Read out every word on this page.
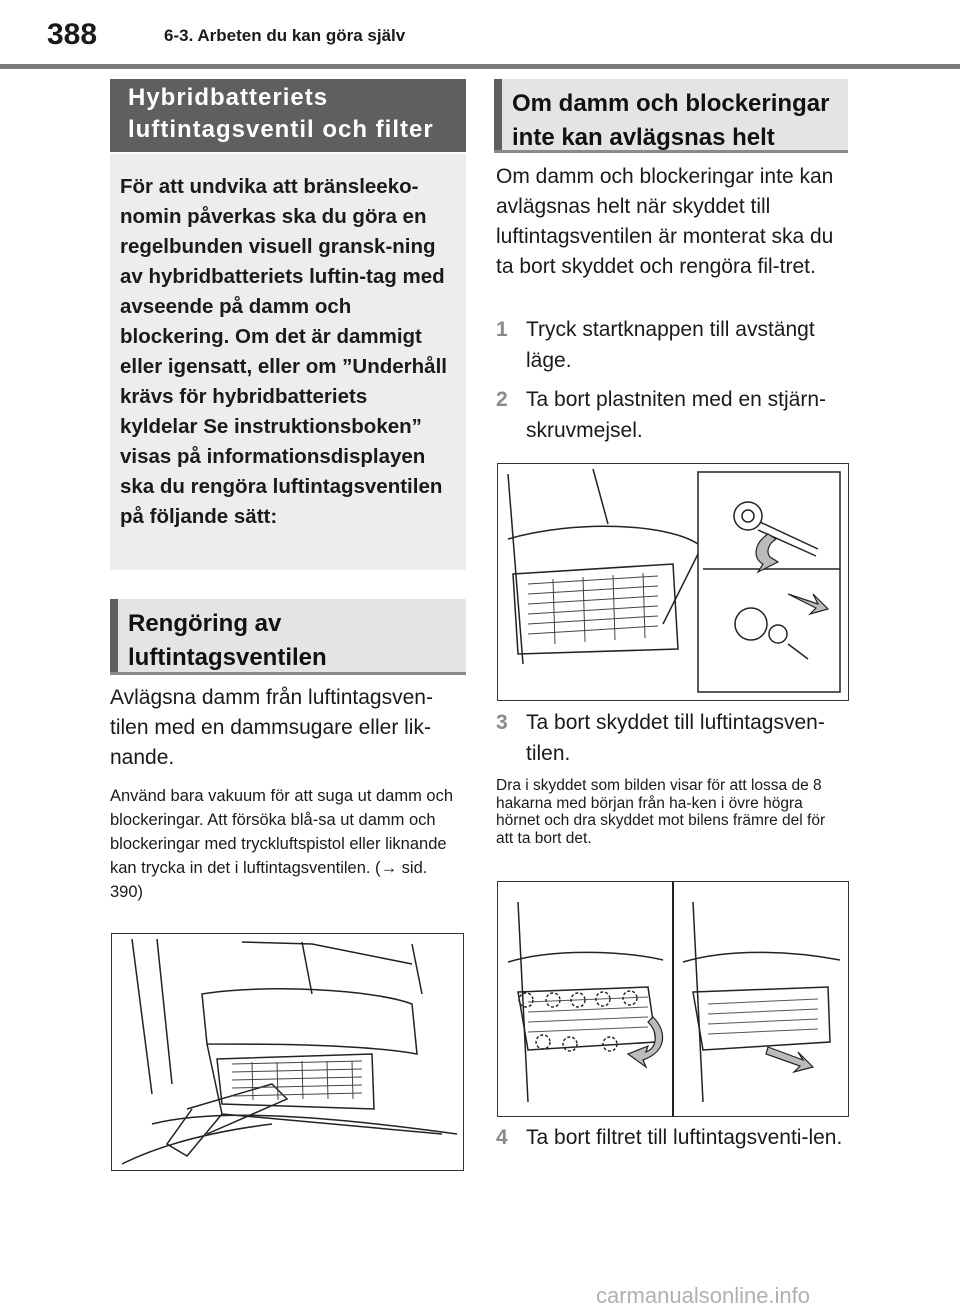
388	6-3. Arbeten du kan göra själv
Hybridbatteriets luftintagsventil och filter
För att undvika att bränsleeko-nomin påverkas ska du göra en regelbunden visuell gransk-ning av hybridbatteriets luftin-tag med avseende på damm och blockering. Om det är dammigt eller igensatt, eller om ”Underhåll krävs för hybridbatteriets kyldelar Se instruktionsboken” visas på informationsdisplayen ska du rengöra luftintagsventilen på följande sätt:
Rengöring av luftintagsventilen
Avlägsna damm från luftintagsven-tilen med en dammsugare eller lik-nande.
Använd bara vakuum för att suga ut damm och blockeringar. Att försöka blå-sa ut damm och blockeringar med tryckluftspistol eller liknande kan trycka in det i luftintagsventilen. (→ sid. 390)
Om damm och blockeringar inte kan avlägsnas helt
Om damm och blockeringar inte kan avlägsnas helt när skyddet till luftintagsventilen är monterat ska du ta bort skyddet och rengöra fil-tret.
1 Tryck startknappen till avstängt läge.
2 Ta bort plastniten med en stjärn-skruvmejsel.
3 Ta bort skyddet till luftintagsven-tilen.
Dra i skyddet som bilden visar för att lossa de 8 hakarna med början från ha-ken i övre högra hörnet och dra skyddet mot bilens främre del för att ta bort det.
4 Ta bort filtret till luftintagsventi-len.
carmanualsonline.info
